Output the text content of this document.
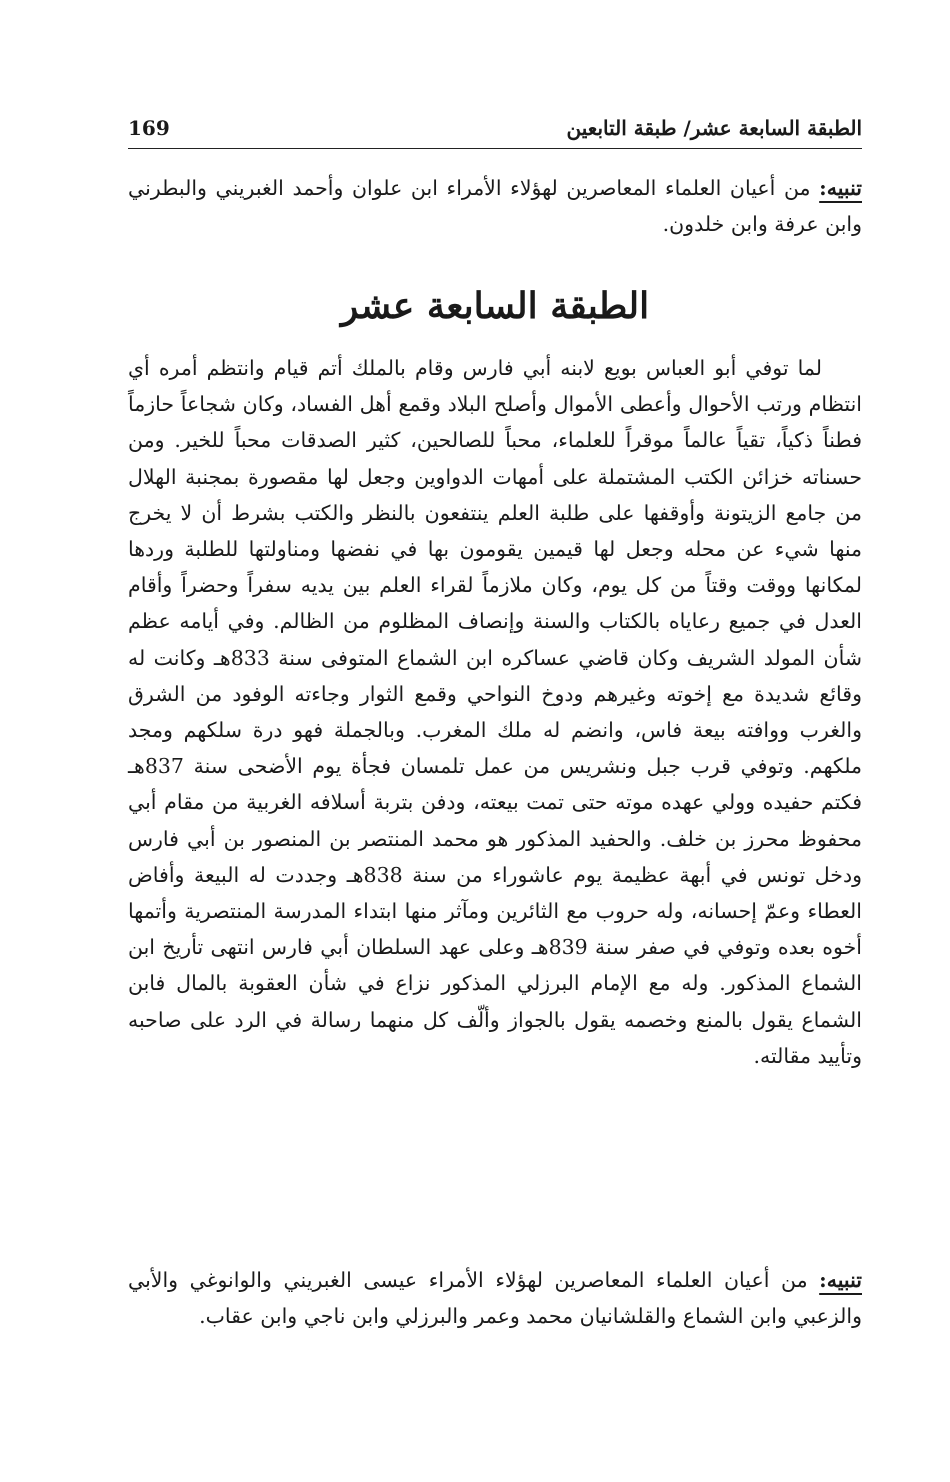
الطبقة السابعة عشر/ طبقة التابعين
169
تنبيه: من أعيان العلماء المعاصرين لهؤلاء الأمراء ابن علوان وأحمد الغبريني والبطرني وابن عرفة وابن خلدون.
الطبقة السابعة عشر

لما توفي أبو العباس بويع لابنه أبي فارس وقام بالملك أتم قيام وانتظم أمره أي انتظام ورتب الأحوال وأعطى الأموال وأصلح البلاد وقمع أهل الفساد، وكان شجاعاً حازماً فطناً ذكياً، تقياً عالماً موقراً للعلماء، محباً للصالحين، كثير الصدقات محباً للخير. ومن حسناته خزائن الكتب المشتملة على أمهات الدواوين وجعل لها مقصورة بمجنبة الهلال من جامع الزيتونة وأوقفها على طلبة العلم ينتفعون بالنظر والكتب بشرط أن لا يخرج منها شيء عن محله وجعل لها قيمين يقومون بها في نفضها ومناولتها للطلبة وردها لمكانها ووقت وقتاً من كل يوم، وكان ملازماً لقراء العلم بين يديه سفراً وحضراً وأقام العدل في جميع رعاياه بالكتاب والسنة وإنصاف المظلوم من الظالم. وفي أيامه عظم شأن المولد الشريف وكان قاضي عساكره ابن الشماع المتوفى سنة 833هـ وكانت له وقائع شديدة مع إخوته وغيرهم ودوخ النواحي وقمع الثوار وجاءته الوفود من الشرق والغرب ووافته بيعة فاس، وانضم له ملك المغرب. وبالجملة فهو درة سلكهم ومجد ملكهم. وتوفي قرب جبل ونشريس من عمل تلمسان فجأة يوم الأضحى سنة 837هـ فكتم حفيده وولي عهده موته حتى تمت بيعته، ودفن بتربة أسلافه الغربية من مقام أبي محفوظ محرز بن خلف. والحفيد المذكور هو محمد المنتصر بن المنصور بن أبي فارس ودخل تونس في أبهة عظيمة يوم عاشوراء من سنة 838هـ وجددت له البيعة وأفاض العطاء وعمّ إحسانه، وله حروب مع الثائرين ومآثر منها ابتداء المدرسة المنتصرية وأتمها أخوه بعده وتوفي في صفر سنة 839هـ وعلى عهد السلطان أبي فارس انتهى تأريخ ابن الشماع المذكور. وله مع الإمام البرزلي المذكور نزاع في شأن العقوبة بالمال فابن الشماع يقول بالمنع وخصمه يقول بالجواز وألّف كل منهما رسالة في الرد على صاحبه وتأييد مقالته.

تنبيه: من أعيان العلماء المعاصرين لهؤلاء الأمراء عيسى الغبريني والوانوغي والأبي والزعبي وابن الشماع والقلشانيان محمد وعمر والبرزلي وابن ناجي وابن عقاب.
